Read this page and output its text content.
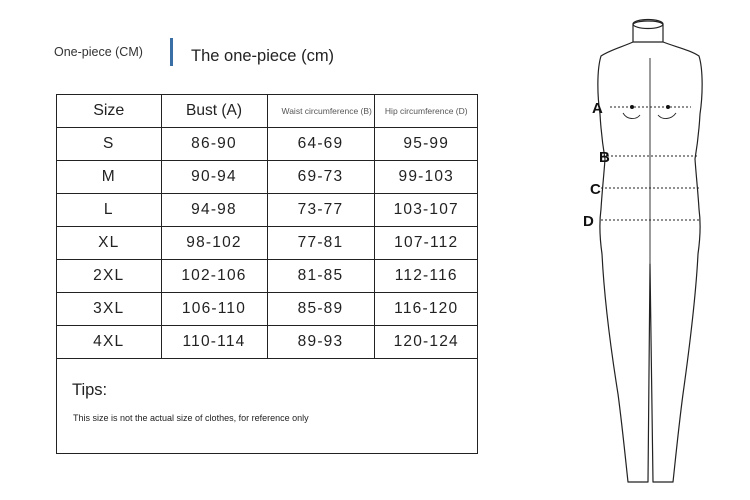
One-piece (CM)	The one-piece (cm)
Size	Bust (A)	Waist circumference (B)	Hip circumference (D)
S	86-90	64-69	95-99
M	90-94	69-73	99-103
L	94-98	73-77	103-107
XL	98-102	77-81	107-112
2XL	102-106	81-85	112-116
3XL	106-110	85-89	116-120
4XL	110-114	89-93	120-124
Tips:
This size is not the actual size of clothes, for reference only
A
B
C
D
